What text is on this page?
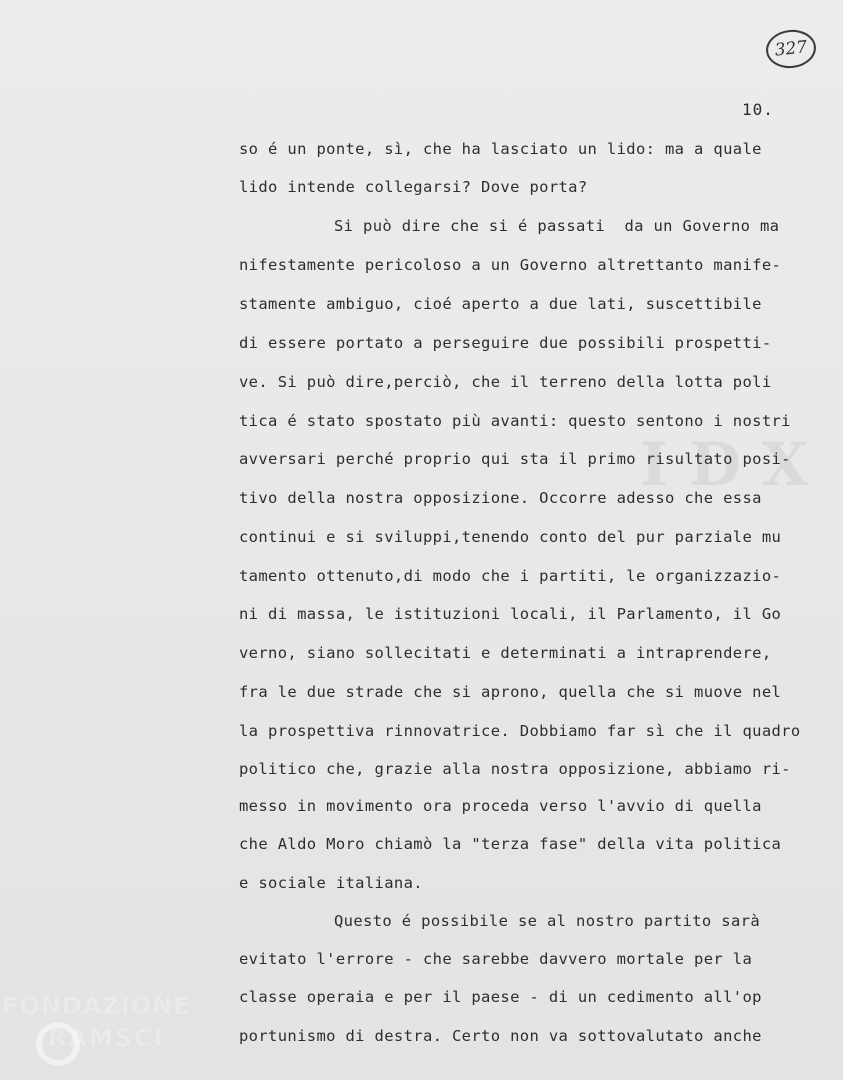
I D X
327
10.
so é un ponte, sì, che ha lasciato un lido: ma a quale
lido intende collegarsi? Dove porta?
Si può dire che si é passati  da un Governo ma
nifestamente pericoloso a un Governo altrettanto manife-
stamente ambiguo, cioé aperto a due lati, suscettibile
di essere portato a perseguire due possibili prospetti-
ve. Si può dire,perciò, che il terreno della lotta poli
tica é stato spostato più avanti: questo sentono i nostri
avversari perché proprio qui sta il primo risultato posi-
tivo della nostra opposizione. Occorre adesso che essa
continui e si sviluppi,tenendo conto del pur parziale mu
tamento ottenuto,di modo che i partiti, le organizzazio-
ni di massa, le istituzioni locali, il Parlamento, il Go
verno, siano sollecitati e determinati a intraprendere,
fra le due strade che si aprono, quella che si muove nel
la prospettiva rinnovatrice. Dobbiamo far sì che il quadro
politico che, grazie alla nostra opposizione, abbiamo ri-
messo in movimento ora proceda verso l'avvio di quella
che Aldo Moro chiamò la "terza fase" della vita politica
e sociale italiana.
Questo é possibile se al nostro partito sarà
evitato l'errore - che sarebbe davvero mortale per la
classe operaia e per il paese - di un cedimento all'op
portunismo di destra. Certo non va sottovalutato anche
FONDAZIONE
RAMSCI
